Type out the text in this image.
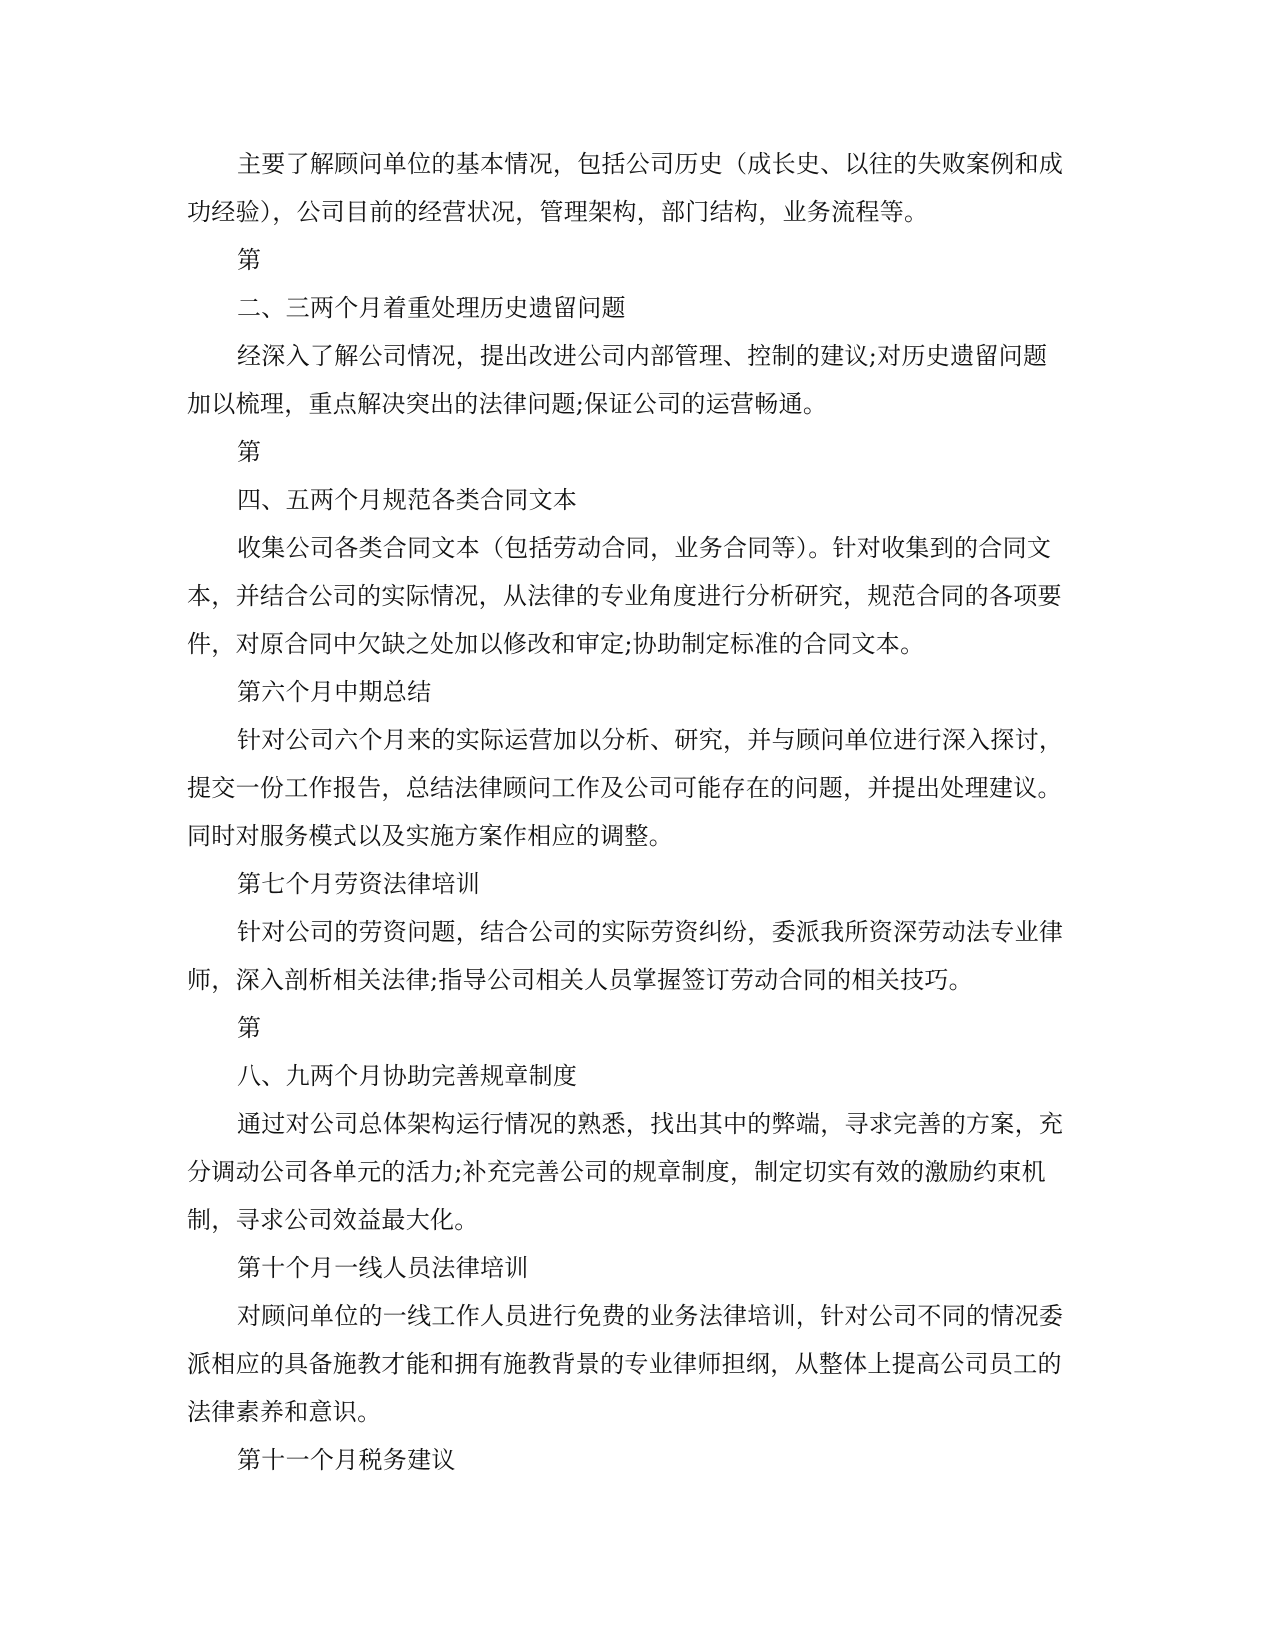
主要了解顾问单位的基本情况，包括公司历史（成长史、以往的失败案例和成
功经验），公司目前的经营状况，管理架构，部门结构，业务流程等。
第
二、三两个月着重处理历史遗留问题
经深入了解公司情况，提出改进公司内部管理、控制的建议;对历史遗留问题
加以梳理，重点解决突出的法律问题;保证公司的运营畅通。
第
四、五两个月规范各类合同文本
收集公司各类合同文本（包括劳动合同，业务合同等）。针对收集到的合同文
本，并结合公司的实际情况，从法律的专业角度进行分析研究，规范合同的各项要
件，对原合同中欠缺之处加以修改和审定;协助制定标准的合同文本。
第六个月中期总结
针对公司六个月来的实际运营加以分析、研究，并与顾问单位进行深入探讨，
提交一份工作报告，总结法律顾问工作及公司可能存在的问题，并提出处理建议。
同时对服务模式以及实施方案作相应的调整。
第七个月劳资法律培训
针对公司的劳资问题，结合公司的实际劳资纠纷，委派我所资深劳动法专业律
师，深入剖析相关法律;指导公司相关人员掌握签订劳动合同的相关技巧。
第
八、九两个月协助完善规章制度
通过对公司总体架构运行情况的熟悉，找出其中的弊端，寻求完善的方案，充
分调动公司各单元的活力;补充完善公司的规章制度，制定切实有效的激励约束机
制，寻求公司效益最大化。
第十个月一线人员法律培训
对顾问单位的一线工作人员进行免费的业务法律培训，针对公司不同的情况委
派相应的具备施教才能和拥有施教背景的专业律师担纲，从整体上提高公司员工的
法律素养和意识。
第十一个月税务建议
